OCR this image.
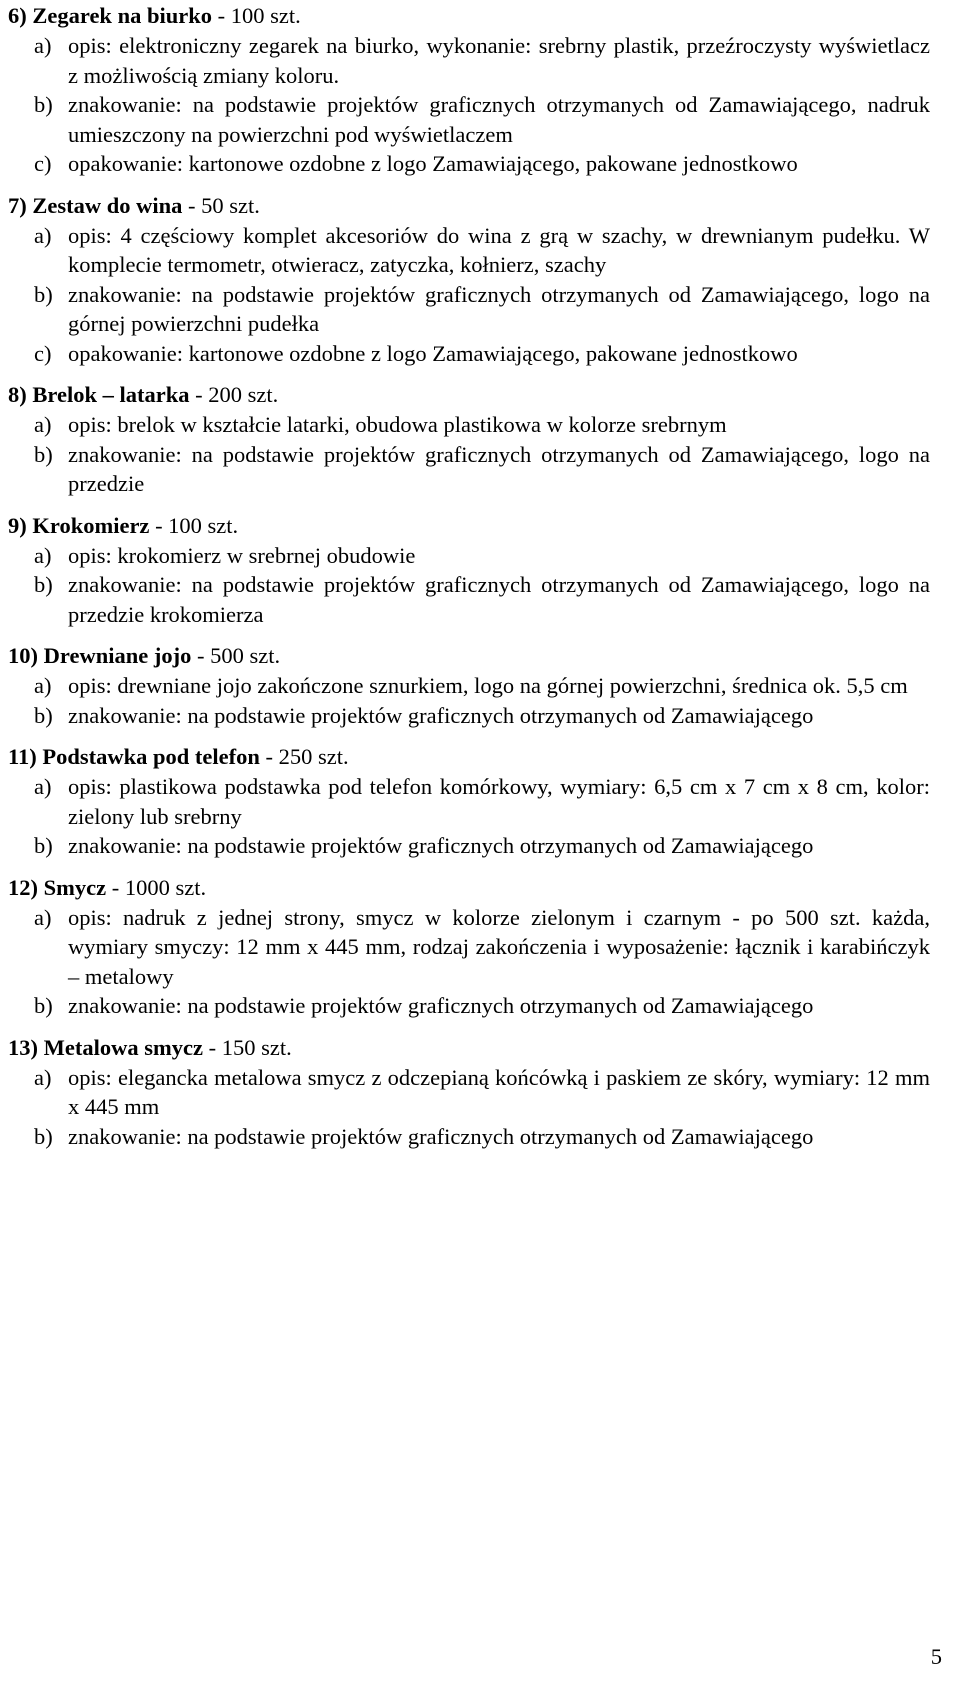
6) Zegarek na biurko - 100 szt.
a) opis: elektroniczny zegarek na biurko, wykonanie: srebrny plastik, przeźroczysty wyświetlacz z możliwością zmiany koloru.
b) znakowanie: na podstawie projektów graficznych otrzymanych od Zamawiającego, nadruk umieszczony na powierzchni pod wyświetlaczem
c) opakowanie: kartonowe ozdobne z logo Zamawiającego, pakowane jednostkowo
7) Zestaw do wina - 50 szt.
a) opis: 4 częściowy komplet akcesoriów do wina z grą w szachy, w drewnianym pudełku. W komplecie termometr, otwieracz, zatyczka, kołnierz, szachy
b) znakowanie: na podstawie projektów graficznych otrzymanych od Zamawiającego, logo na górnej powierzchni pudełka
c) opakowanie: kartonowe ozdobne z logo Zamawiającego, pakowane jednostkowo
8) Brelok – latarka - 200 szt.
a) opis: brelok w kształcie latarki, obudowa plastikowa w kolorze srebrnym
b) znakowanie: na podstawie projektów graficznych otrzymanych od Zamawiającego, logo na przedzie
9) Krokomierz - 100 szt.
a) opis: krokomierz w srebrnej obudowie
b) znakowanie: na podstawie projektów graficznych otrzymanych od Zamawiającego, logo na przedzie krokomierza
10) Drewniane jojo - 500 szt.
a) opis: drewniane jojo zakończone sznurkiem, logo na górnej powierzchni, średnica ok. 5,5 cm
b) znakowanie: na podstawie projektów graficznych otrzymanych od Zamawiającego
11) Podstawka pod telefon - 250 szt.
a) opis: plastikowa podstawka pod telefon komórkowy, wymiary: 6,5 cm x 7 cm x 8 cm, kolor: zielony lub srebrny
b) znakowanie: na podstawie projektów graficznych otrzymanych od Zamawiającego
12) Smycz - 1000 szt.
a) opis: nadruk z jednej strony, smycz w kolorze zielonym i czarnym - po 500 szt. każda, wymiary smyczy: 12 mm x 445 mm, rodzaj zakończenia i wyposażenie: łącznik i karabińczyk – metalowy
b) znakowanie: na podstawie projektów graficznych otrzymanych od Zamawiającego
13) Metalowa smycz - 150 szt.
a) opis: elegancka metalowa smycz z odczepianą końcówką i paskiem ze skóry, wymiary: 12 mm x 445 mm
b) znakowanie: na podstawie projektów graficznych otrzymanych od Zamawiającego
5
